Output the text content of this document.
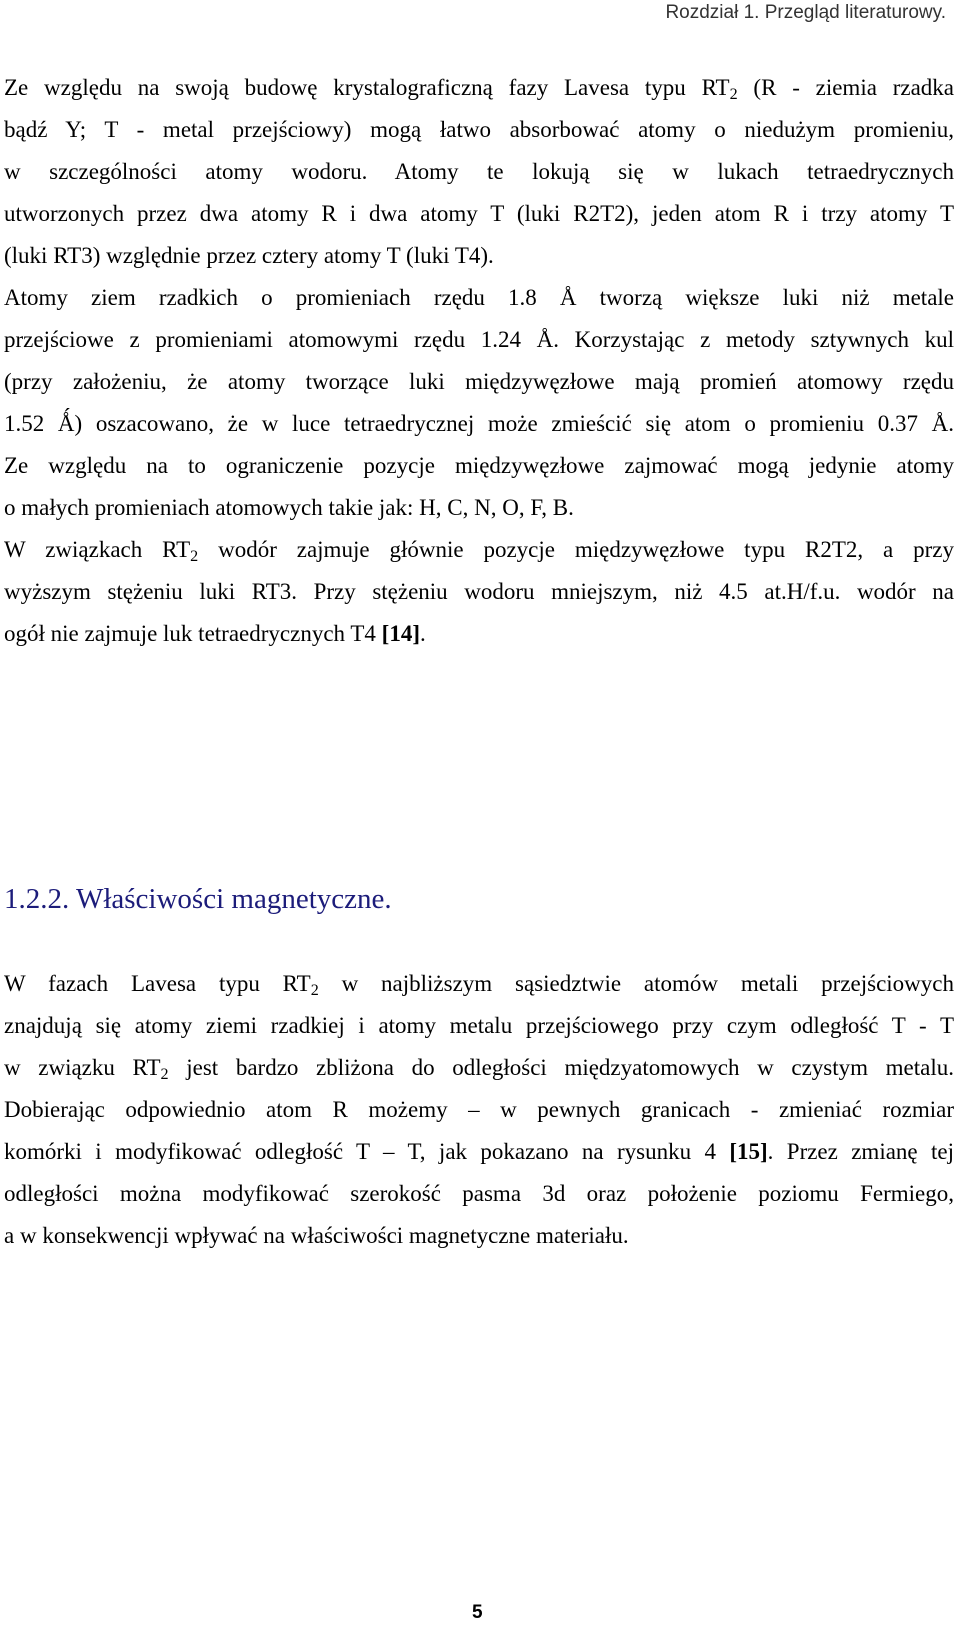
Rozdział 1. Przegląd literaturowy.
Ze względu na swoją budowę krystalograficzną fazy Lavesa typu $RT_2$ (R - ziemia rzadka
bądź Y; T - metal przejściowy) mogą łatwo absorbować atomy o niedużym promieniu,
w szczególności atomy wodoru. Atomy te lokują się w lukach tetraedrycznych
utworzonych przez dwa atomy R i dwa atomy T (luki R2T2), jeden atom R i trzy atomy T
(luki RT3) względnie przez cztery atomy T (luki T4).
Atomy ziem rzadkich o promieniach rzędu 1.8 Å tworzą większe luki niż metale
przejściowe z promieniami atomowymi rzędu 1.24 Å. Korzystając z metody sztywnych kul
(przy założeniu, że atomy tworzące luki międzywęzłowe mają promień atomowy rzędu
1.52 Ǻ) oszacowano, że w luce tetraedrycznej może zmieścić się atom o promieniu 0.37 Å.
Ze względu na to ograniczenie pozycje międzywęzłowe zajmować mogą jedynie atomy
o małych promieniach atomowych takie jak: H, C, N, O, F, B.
W związkach $RT_2$ wodór zajmuje głównie pozycje międzywęzłowe typu R2T2, a przy
wyższym stężeniu luki RT3. Przy stężeniu wodoru mniejszym, niż 4.5 at.H/f.u. wodór na
ogół nie zajmuje luk tetraedrycznych T4 [14].
1.2.2. Właściwości magnetyczne.
W fazach Lavesa typu $RT_2$ w najbliższym sąsiedztwie atomów metali przejściowych
znajdują się atomy ziemi rzadkiej i atomy metalu przejściowego przy czym odległość T - T
w związku $RT_2$ jest bardzo zbliżona do odległości międzyatomowych w czystym metalu.
Dobierając odpowiednio atom R możemy – w pewnych granicach - zmieniać rozmiar
komórki i modyfikować odległość T – T, jak pokazano na rysunku 4 [15]. Przez zmianę tej
odległości można modyfikować szerokość pasma 3d oraz położenie poziomu Fermiego,
a w konsekwencji wpływać na właściwości magnetyczne materiału.
5
